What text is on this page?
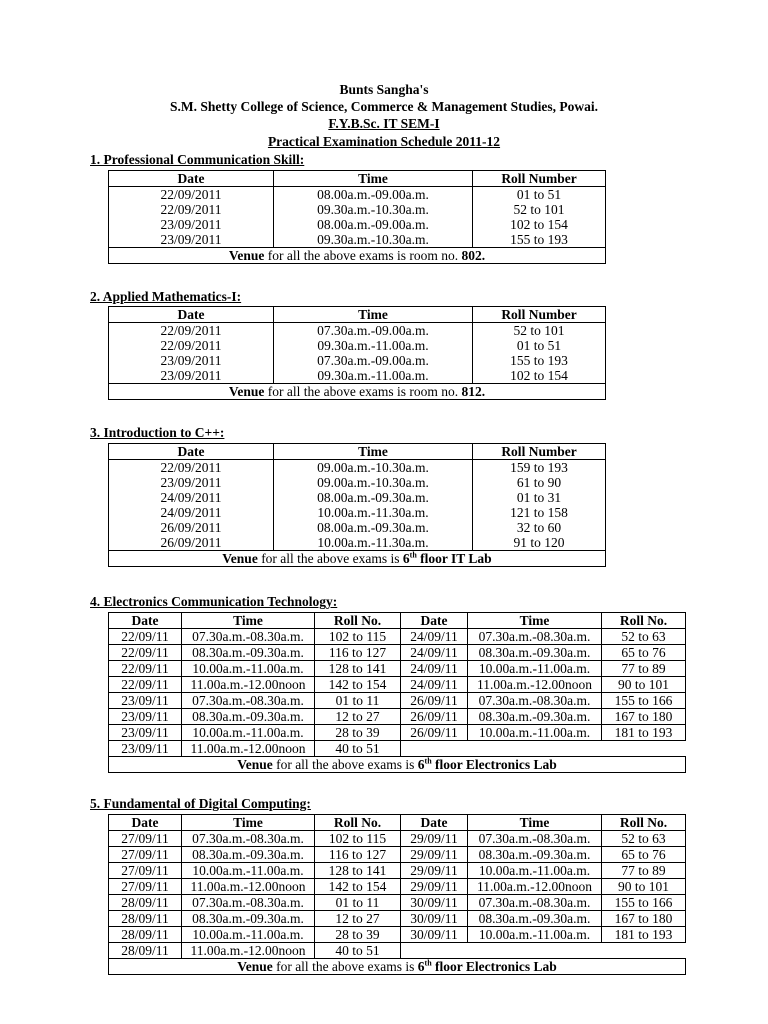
Bunts Sangha's
S.M. Shetty College of Science, Commerce & Management Studies, Powai.
F.Y.B.Sc. IT SEM-I
Practical Examination Schedule 2011-12
1. Professional Communication Skill:
Date	Time	Roll Number
22/09/2011	08.00a.m.-09.00a.m.	01 to 51
22/09/2011	09.30a.m.-10.30a.m.	52 to 101
23/09/2011	08.00a.m.-09.00a.m.	102 to 154
23/09/2011	09.30a.m.-10.30a.m.	155 to 193
Venue for all the above exams is room no. 802.		
2. Applied Mathematics-I:
Date	Time	Roll Number
22/09/2011	07.30a.m.-09.00a.m.	52 to 101
22/09/2011	09.30a.m.-11.00a.m.	01 to 51
23/09/2011	07.30a.m.-09.00a.m.	155 to 193
23/09/2011	09.30a.m.-11.00a.m.	102 to 154
Venue for all the above exams is room no. 812.		
3. Introduction to C++:
Date	Time	Roll Number
22/09/2011	09.00a.m.-10.30a.m.	159 to 193
23/09/2011	09.00a.m.-10.30a.m.	61 to 90
24/09/2011	08.00a.m.-09.30a.m.	01 to 31
24/09/2011	10.00a.m.-11.30a.m.	121 to 158
26/09/2011	08.00a.m.-09.30a.m.	32 to 60
26/09/2011	10.00a.m.-11.30a.m.	91 to 120
Venue for all the above exams is 6th floor IT Lab		
4. Electronics Communication Technology:
Date	Time	Roll No.	Date	Time	Roll No.
22/09/11	07.30a.m.-08.30a.m.	102 to 115	24/09/11	07.30a.m.-08.30a.m.	52 to 63
22/09/11	08.30a.m.-09.30a.m.	116 to 127	24/09/11	08.30a.m.-09.30a.m.	65 to 76
22/09/11	10.00a.m.-11.00a.m.	128 to 141	24/09/11	10.00a.m.-11.00a.m.	77 to 89
22/09/11	11.00a.m.-12.00noon	142 to 154	24/09/11	11.00a.m.-12.00noon	90 to 101
23/09/11	07.30a.m.-08.30a.m.	01 to 11	26/09/11	07.30a.m.-08.30a.m.	155 to 166
23/09/11	08.30a.m.-09.30a.m.	12 to 27	26/09/11	08.30a.m.-09.30a.m.	167 to 180
23/09/11	10.00a.m.-11.00a.m.	28 to 39	26/09/11	10.00a.m.-11.00a.m.	181 to 193
23/09/11	11.00a.m.-12.00noon	40 to 51			
Venue for all the above exams is 6th floor Electronics Lab					
5. Fundamental of Digital Computing:
Date	Time	Roll No.	Date	Time	Roll No.
27/09/11	07.30a.m.-08.30a.m.	102 to 115	29/09/11	07.30a.m.-08.30a.m.	52 to 63
27/09/11	08.30a.m.-09.30a.m.	116 to 127	29/09/11	08.30a.m.-09.30a.m.	65 to 76
27/09/11	10.00a.m.-11.00a.m.	128 to 141	29/09/11	10.00a.m.-11.00a.m.	77 to 89
27/09/11	11.00a.m.-12.00noon	142 to 154	29/09/11	11.00a.m.-12.00noon	90 to 101
28/09/11	07.30a.m.-08.30a.m.	01 to 11	30/09/11	07.30a.m.-08.30a.m.	155 to 166
28/09/11	08.30a.m.-09.30a.m.	12 to 27	30/09/11	08.30a.m.-09.30a.m.	167 to 180
28/09/11	10.00a.m.-11.00a.m.	28 to 39	30/09/11	10.00a.m.-11.00a.m.	181 to 193
28/09/11	11.00a.m.-12.00noon	40 to 51			
Venue for all the above exams is 6th floor Electronics Lab					
